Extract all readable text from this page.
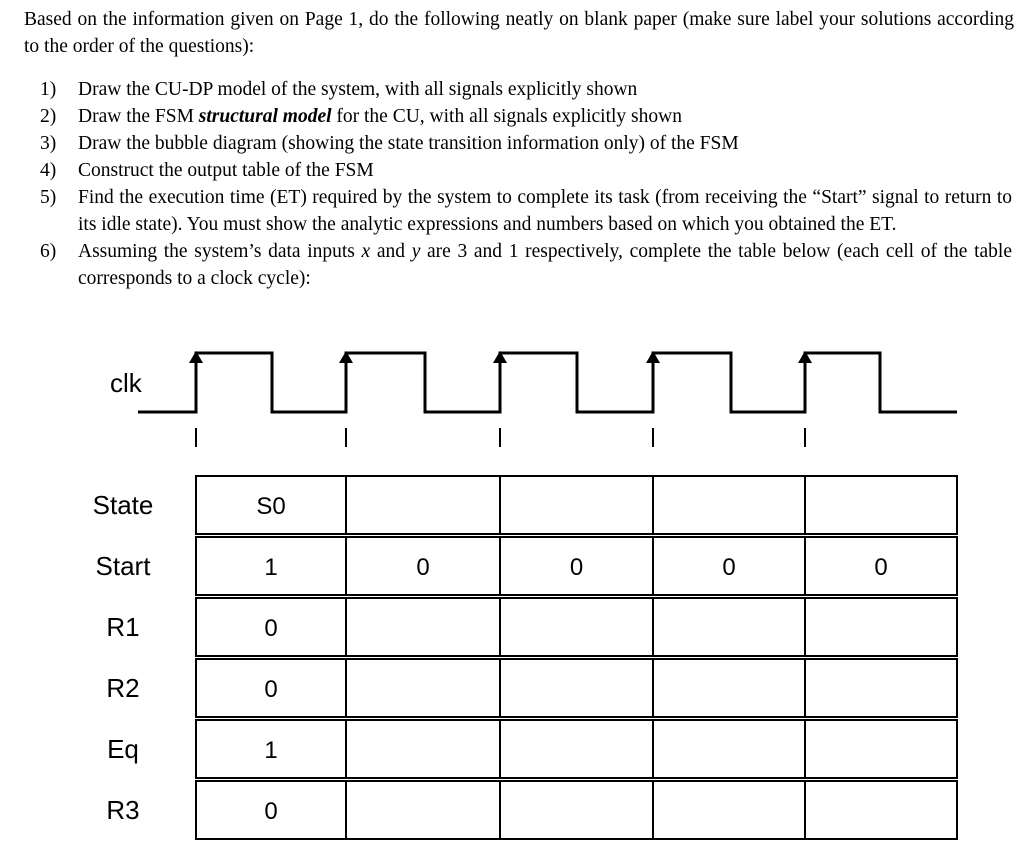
Based on the information given on Page 1, do the following neatly on blank paper (make sure label your solutions according to the order of the questions):
1)	Draw the CU-DP model of the system, with all signals explicitly shown
2)	Draw the FSM structural model for the CU, with all signals explicitly shown
3)	Draw the bubble diagram (showing the state transition information only) of the FSM
4)	Construct the output table of the FSM
5)	Find the execution time (ET) required by the system to complete its task (from receiving the “Start” signal to return to its idle state). You must show the analytic expressions and numbers based on which you obtained the ET.
6)	Assuming the system’s data inputs x and y are 3 and 1 respectively, complete the table below (each cell of the table corresponds to a clock cycle):
clk
State	S0
Start	1	0	0	0	0
R1	0
R2	0
Eq	1
R3	0
